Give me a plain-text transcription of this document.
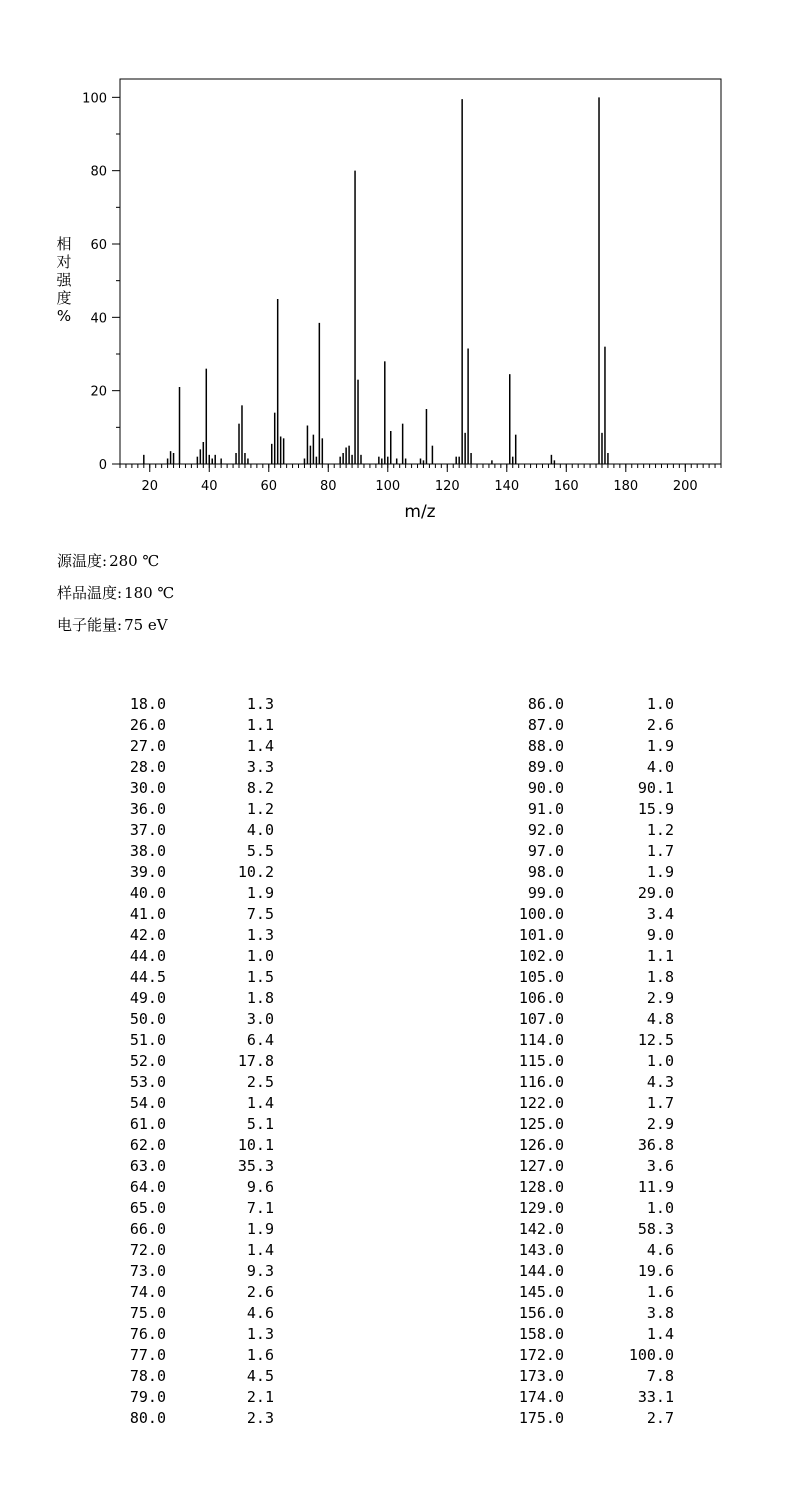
20	40	60	80	100	120	140	160	180	200
0
20
40
60
80
100
m/z
相
对
强
度
%
源温度: 280 ℃
样品温度: 180 ℃
电子能量: 75 eV
18.0	1.3
26.0	1.1
27.0	1.4
28.0	3.3
30.0	8.2
36.0	1.2
37.0	4.0
38.0	5.5
39.0	10.2
40.0	1.9
41.0	7.5
42.0	1.3
44.0	1.0
44.5	1.5
49.0	1.8
50.0	3.0
51.0	6.4
52.0	17.8
53.0	2.5
54.0	1.4
61.0	5.1
62.0	10.1
63.0	35.3
64.0	9.6
65.0	7.1
66.0	1.9
72.0	1.4
73.0	9.3
74.0	2.6
75.0	4.6
76.0	1.3
77.0	1.6
78.0	4.5
79.0	2.1
80.0	2.3
86.0	1.0
87.0	2.6
88.0	1.9
89.0	4.0
90.0	90.1
91.0	15.9
92.0	1.2
97.0	1.7
98.0	1.9
99.0	29.0
100.0	3.4
101.0	9.0
102.0	1.1
105.0	1.8
106.0	2.9
107.0	4.8
114.0	12.5
115.0	1.0
116.0	4.3
122.0	1.7
125.0	2.9
126.0	36.8
127.0	3.6
128.0	11.9
129.0	1.0
142.0	58.3
143.0	4.6
144.0	19.6
145.0	1.6
156.0	3.8
158.0	1.4
172.0	100.0
173.0	7.8
174.0	33.1
175.0	2.7
